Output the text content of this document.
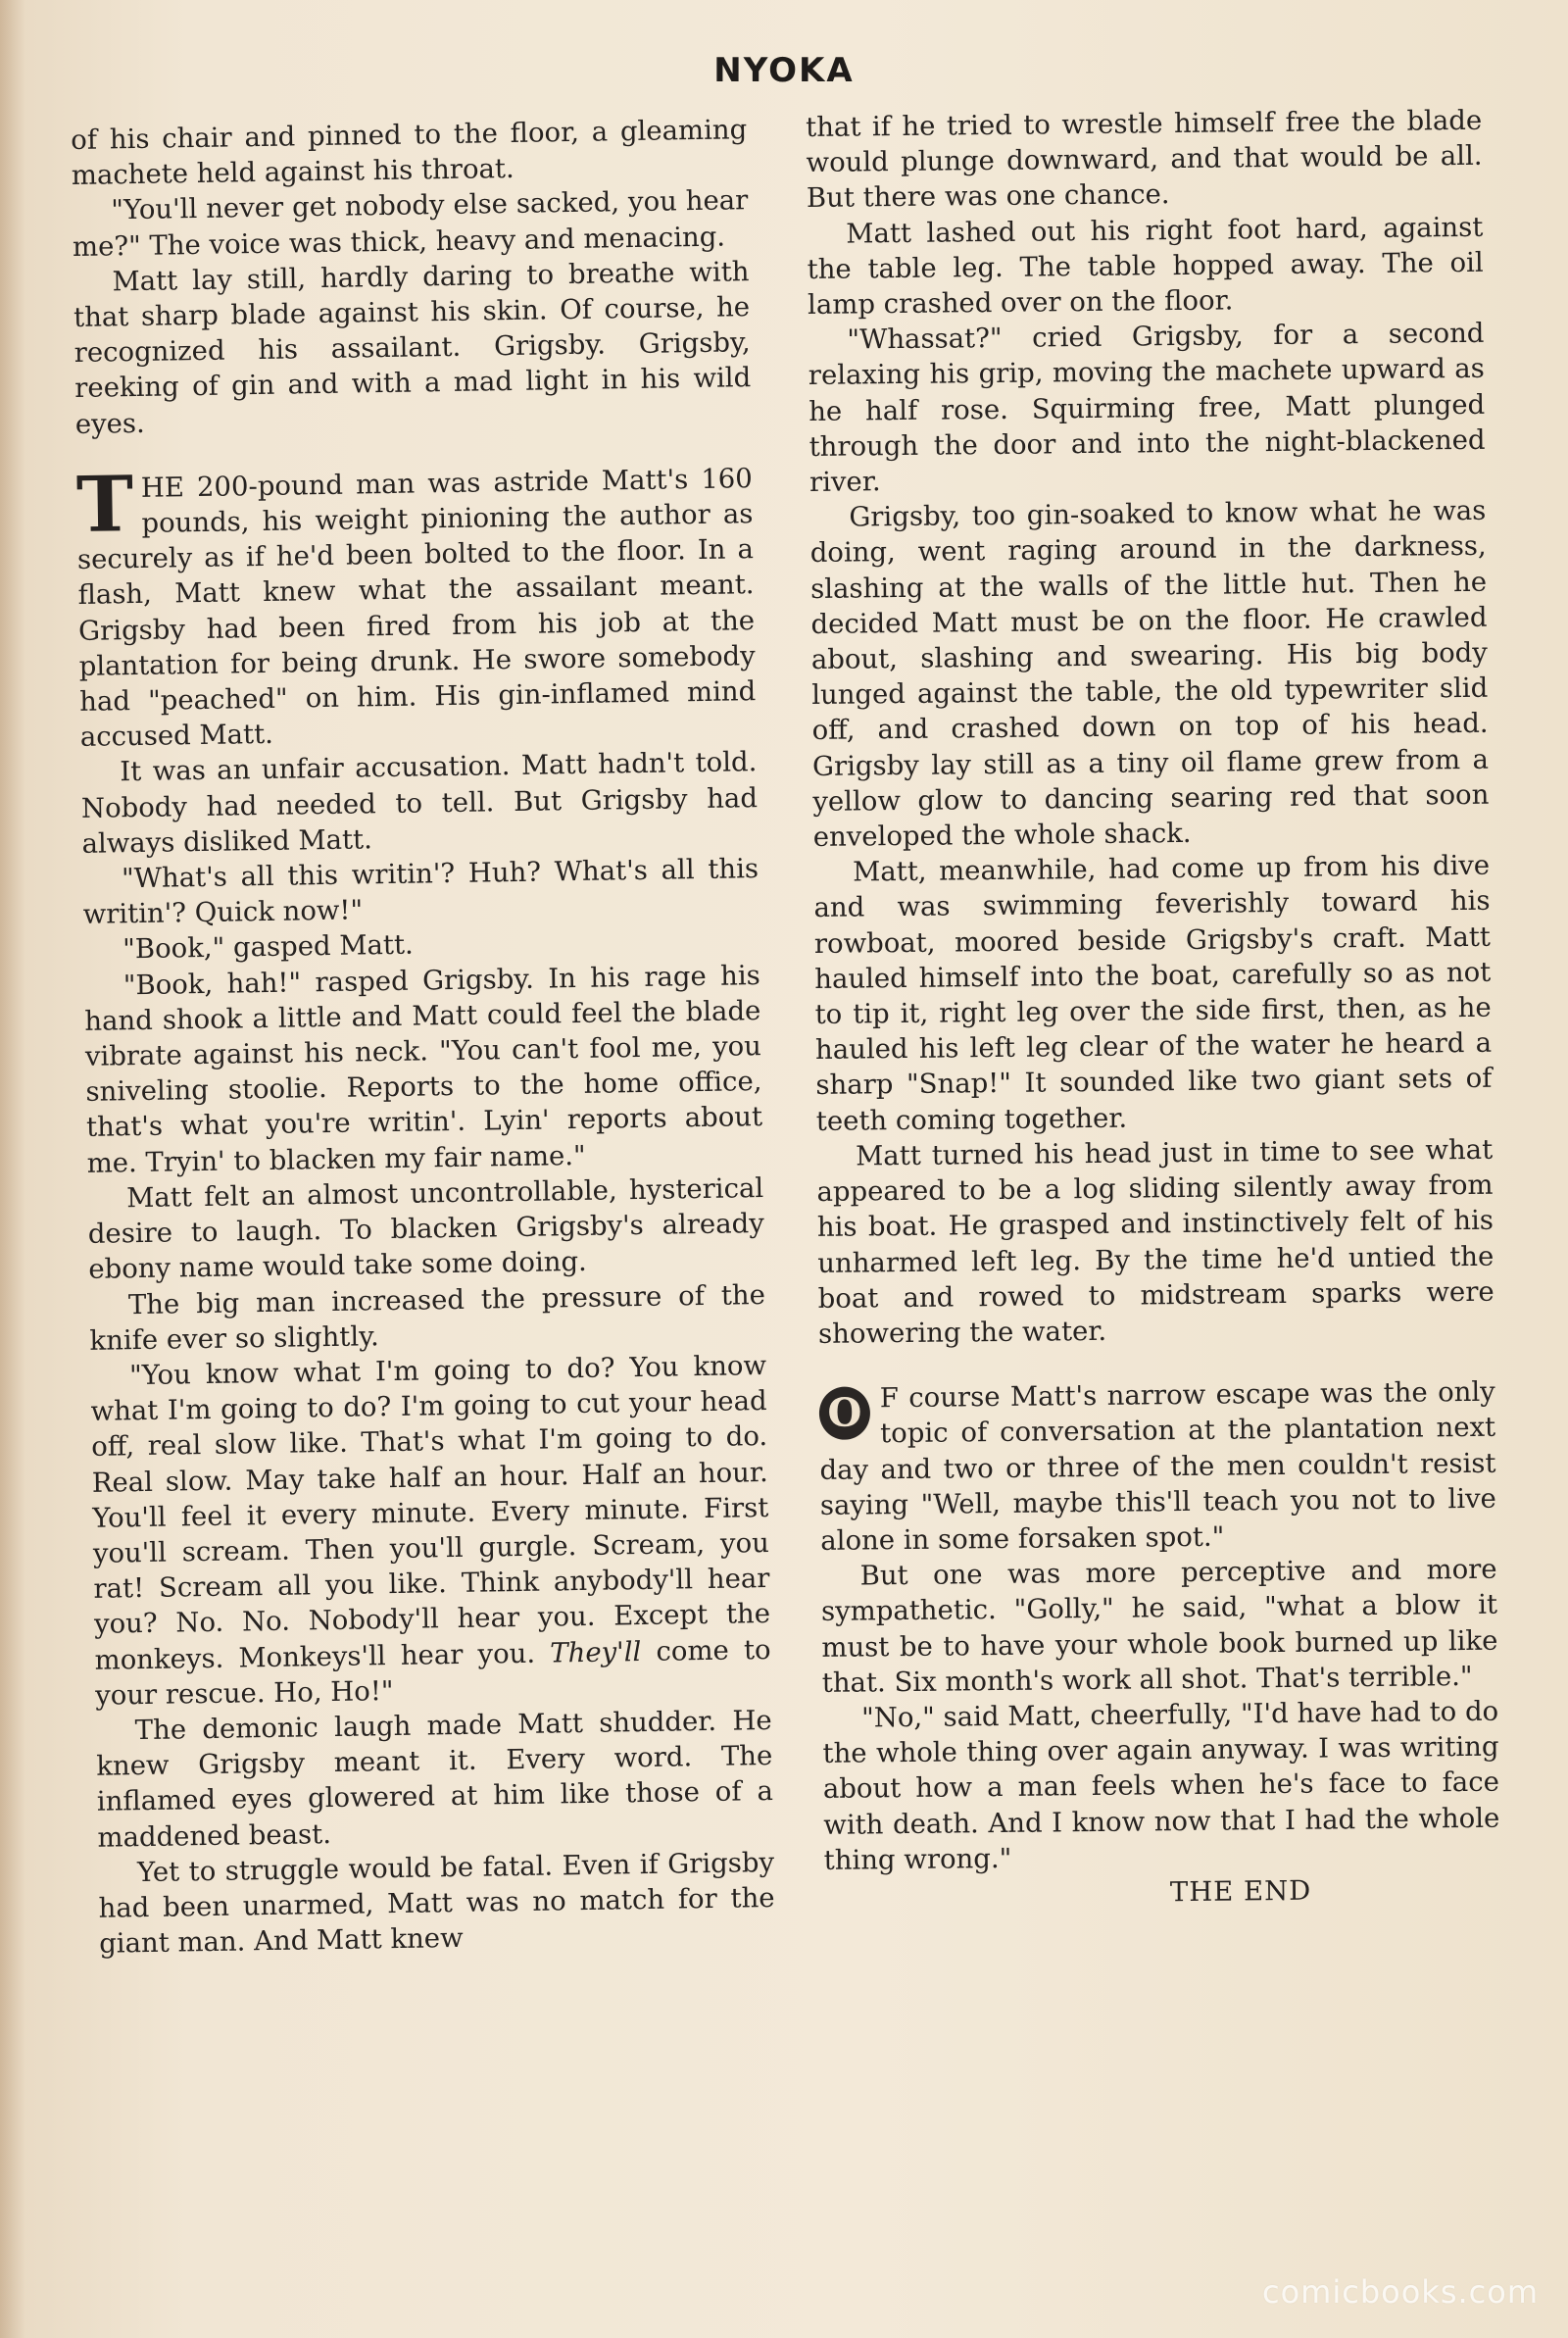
NYOKA

of his chair and pinned to the floor, a gleaming machete held against his throat.

"You'll never get nobody else sacked, you hear me?" The voice was thick, heavy and menacing.

Matt lay still, hardly daring to breathe with that sharp blade against his skin. Of course, he recognized his assailant. Grigsby. Grigsby, reeking of gin and with a mad light in his wild eyes.

THE 200-pound man was astride Matt's 160 pounds, his weight pinioning the author as securely as if he'd been bolted to the floor. In a flash, Matt knew what the assailant meant. Grigsby had been fired from his job at the plantation for being drunk. He swore somebody had "peached" on him. His gin-inflamed mind accused Matt.

It was an unfair accusation. Matt hadn't told. Nobody had needed to tell. But Grigsby had always disliked Matt.

"What's all this writin'? Huh? What's all this writin'? Quick now!"

"Book," gasped Matt.

"Book, hah!" rasped Grigsby. In his rage his hand shook a little and Matt could feel the blade vibrate against his neck. "You can't fool me, you sniveling stoolie. Reports to the home office, that's what you're writin'. Lyin' reports about me. Tryin' to blacken my fair name."

Matt felt an almost uncontrollable, hysterical desire to laugh. To blacken Grigsby's already ebony name would take some doing.

The big man increased the pressure of the knife ever so slightly.

"You know what I'm going to do? You know what I'm going to do? I'm going to cut your head off, real slow like. That's what I'm going to do. Real slow. May take half an hour. Half an hour. You'll feel it every minute. Every minute. First you'll scream. Then you'll gurgle. Scream, you rat! Scream all you like. Think anybody'll hear you? No. No. Nobody'll hear you. Except the monkeys. Monkeys'll hear you. They'll come to your rescue. Ho, Ho!"

The demonic laugh made Matt shudder. He knew Grigsby meant it. Every word. The inflamed eyes glowered at him like those of a maddened beast.

Yet to struggle would be fatal. Even if Grigsby had been unarmed, Matt was no match for the giant man. And Matt knew

that if he tried to wrestle himself free the blade would plunge downward, and that would be all. But there was one chance.

Matt lashed out his right foot hard, against the table leg. The table hopped away. The oil lamp crashed over on the floor.

"Whassat?" cried Grigsby, for a second relaxing his grip, moving the machete upward as he half rose. Squirming free, Matt plunged through the door and into the night-blackened river.

Grigsby, too gin-soaked to know what he was doing, went raging around in the darkness, slashing at the walls of the little hut. Then he decided Matt must be on the floor. He crawled about, slashing and swearing. His big body lunged against the table, the old typewriter slid off, and crashed down on top of his head. Grigsby lay still as a tiny oil flame grew from a yellow glow to dancing searing red that soon enveloped the whole shack.

Matt, meanwhile, had come up from his dive and was swimming feverishly toward his rowboat, moored beside Grigsby's craft. Matt hauled himself into the boat, carefully so as not to tip it, right leg over the side first, then, as he hauled his left leg clear of the water he heard a sharp "Snap!" It sounded like two giant sets of teeth coming together.

Matt turned his head just in time to see what appeared to be a log sliding silently away from his boat. He grasped and instinctively felt of his unharmed left leg. By the time he'd untied the boat and rowed to midstream sparks were showering the water.

O F course Matt's narrow escape was the only topic of conversation at the plantation next day and two or three of the men couldn't resist saying "Well, maybe this'll teach you not to live alone in some forsaken spot."

But one was more perceptive and more sympathetic. "Golly," he said, "what a blow it must be to have your whole book burned up like that. Six month's work all shot. That's terrible."

"No," said Matt, cheerfully, "I'd have had to do the whole thing over again anyway. I was writing about how a man feels when he's face to face with death. And I know now that I had the whole thing wrong."

THE END

comicbooks.com
